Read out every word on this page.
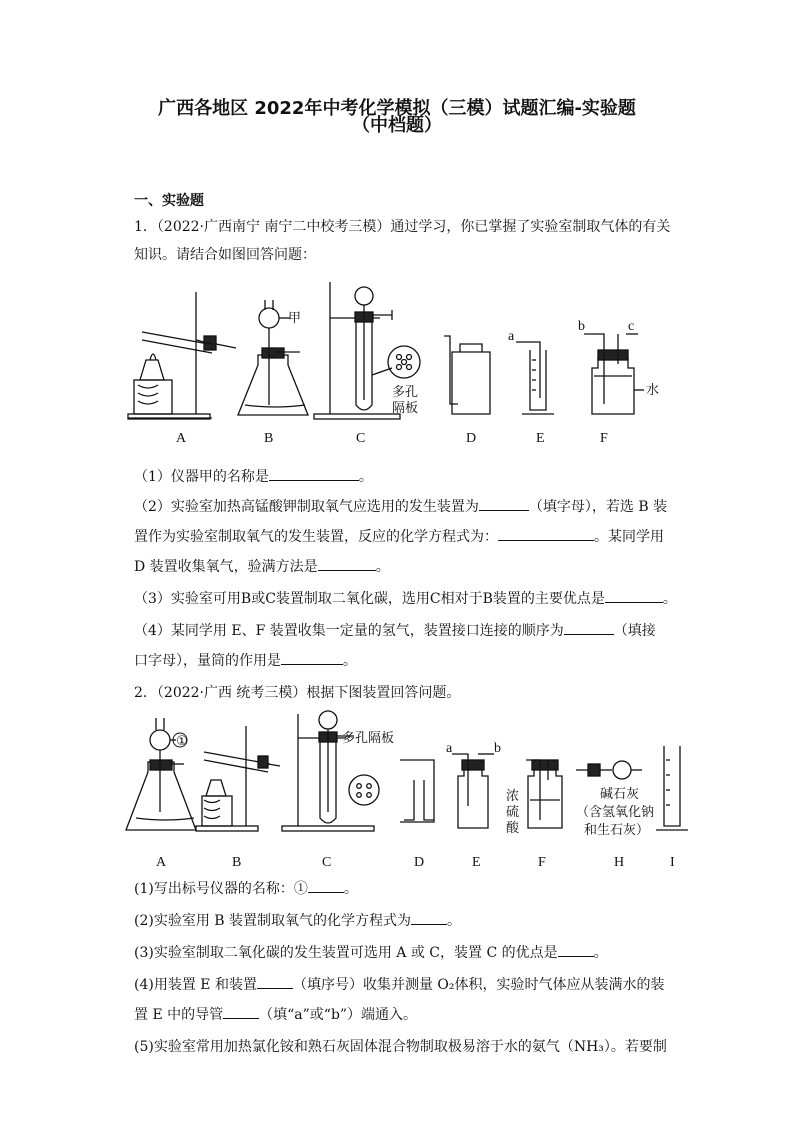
广西各地区 2022年中考化学模拟（三模）试题汇编-实验题
（中档题）
一、实验题
1．（2022·广西南宁 南宁二中校考三模）通过学习，你已掌握了实验室制取气体的有关
知识。请结合如图回答问题：
A	B	C	D	E	F
甲
多孔
隔板
a
b	c
水
（1）仪器甲的名称是	。
（2）实验室加热高锰酸钾制取氧气应选用的发生装置为	（填字母），若选 B 装
置作为实验室制取氧气的发生装置，反应的化学方程式为：	。某同学用
D 装置收集氧气，验满方法是	。
（3）实验室可用B或C装置制取二氧化碳，选用C相对于B装置的主要优点是	。
（4）某同学用 E、F 装置收集一定量的氢气，装置接口连接的顺序为	（填接
口字母），量筒的作用是	。
2．（2022·广西 统考三模）根据下图装置回答问题。
①
A	B	C	D	E	F	H	I
多孔隔板
a	b
浓
硫
酸
碱石灰
（含氢氧化钠
和生石灰）
(1)写出标号仪器的名称：①	。
(2)实验室用 B 装置制取氧气的化学方程式为	。
(3)实验室制取二氧化碳的发生装置可选用 A 或 C，装置 C 的优点是	。
(4)用装置 E 和装置	（填序号）收集并测量 O₂体积，实验时气体应从装满水的装
置 E 中的导管	（填“a”或“b”）端通入。
(5)实验室常用加热氯化铵和熟石灰固体混合物制取极易溶于水的氨气（NH₃）。若要制
